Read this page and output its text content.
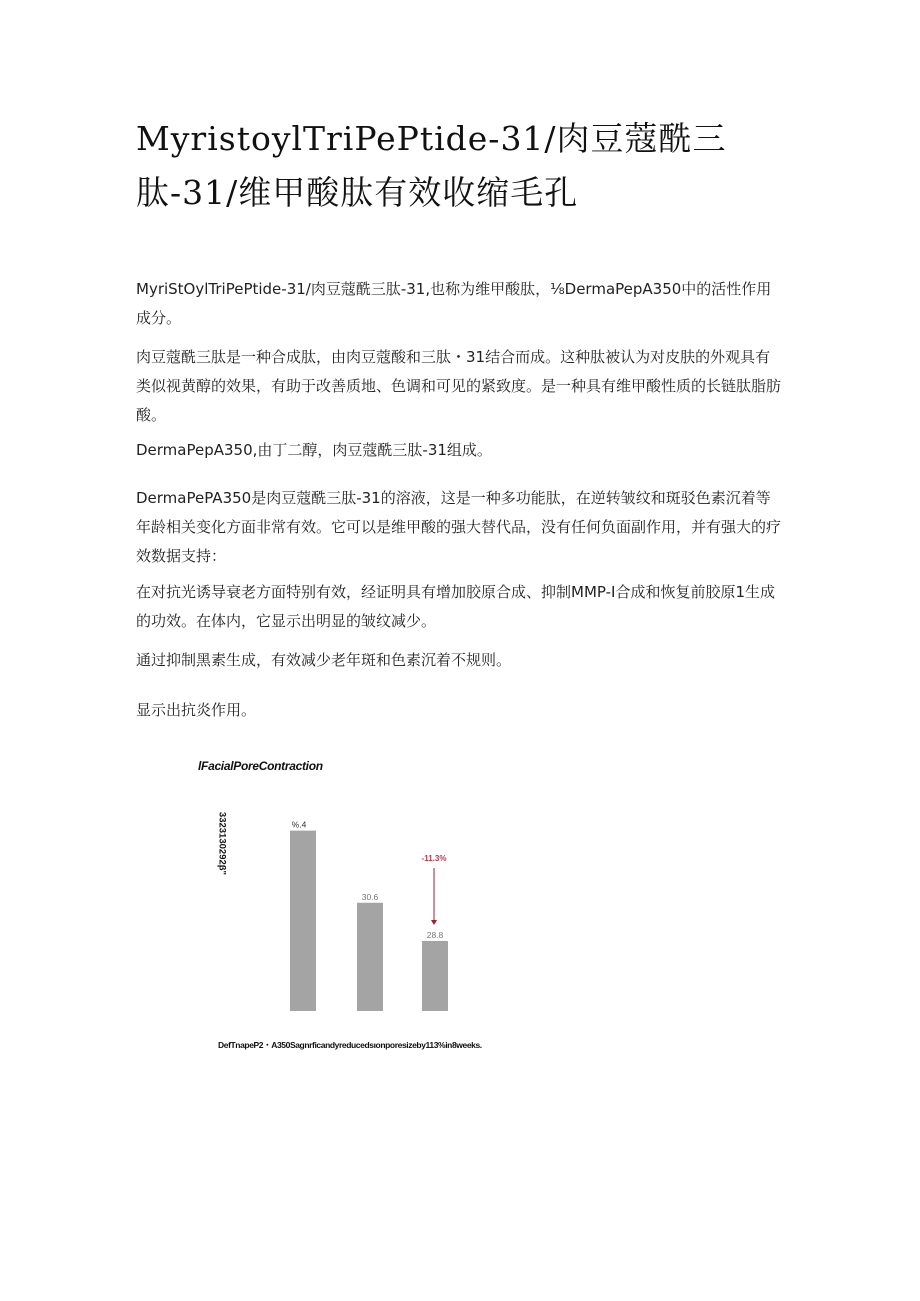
MyristoylTriPePtide-31/肉豆蔻酰三
肽-31/维甲酸肽有效收缩毛孔

MyriStOylTriPePtide-31/肉豆蔻酰三肽-31,也称为维甲酸肽，⅛DermaPepA350中的活性作用成分。

肉豆蔻酰三肽是一种合成肽，由肉豆蔻酸和三肽・31结合而成。这种肽被认为对皮肤的外观具有类似视黄醇的效果，有助于改善质地、色调和可见的紧致度。是一种具有维甲酸性质的长链肽脂肪酸。

DermaPepA350,由丁二醇，肉豆蔻酰三肽-31组成。

DermaPePA350是肉豆蔻酰三肽-31的溶液，这是一种多功能肽，在逆转皱纹和斑驳色素沉着等年龄相关变化方面非常有效。它可以是维甲酸的强大替代品，没有任何负面副作用，并有强大的疗效数据支持：

在对抗光诱导衰老方面特别有效，经证明具有增加胶原合成、抑制MMP-I合成和恢复前胶原1生成的功效。在体内，它显示出明显的皱纹减少。

通过抑制黑素生成，有效减少老年斑和色素沉着不规则。

显示出抗炎作用。

lFacialPoreContraction
3323130292β"	%.4
30.6
28.8
-11.3%
DefTnapeP2・A350Sagnrficandyreducedsιonporesizeby113%in8weeks.
